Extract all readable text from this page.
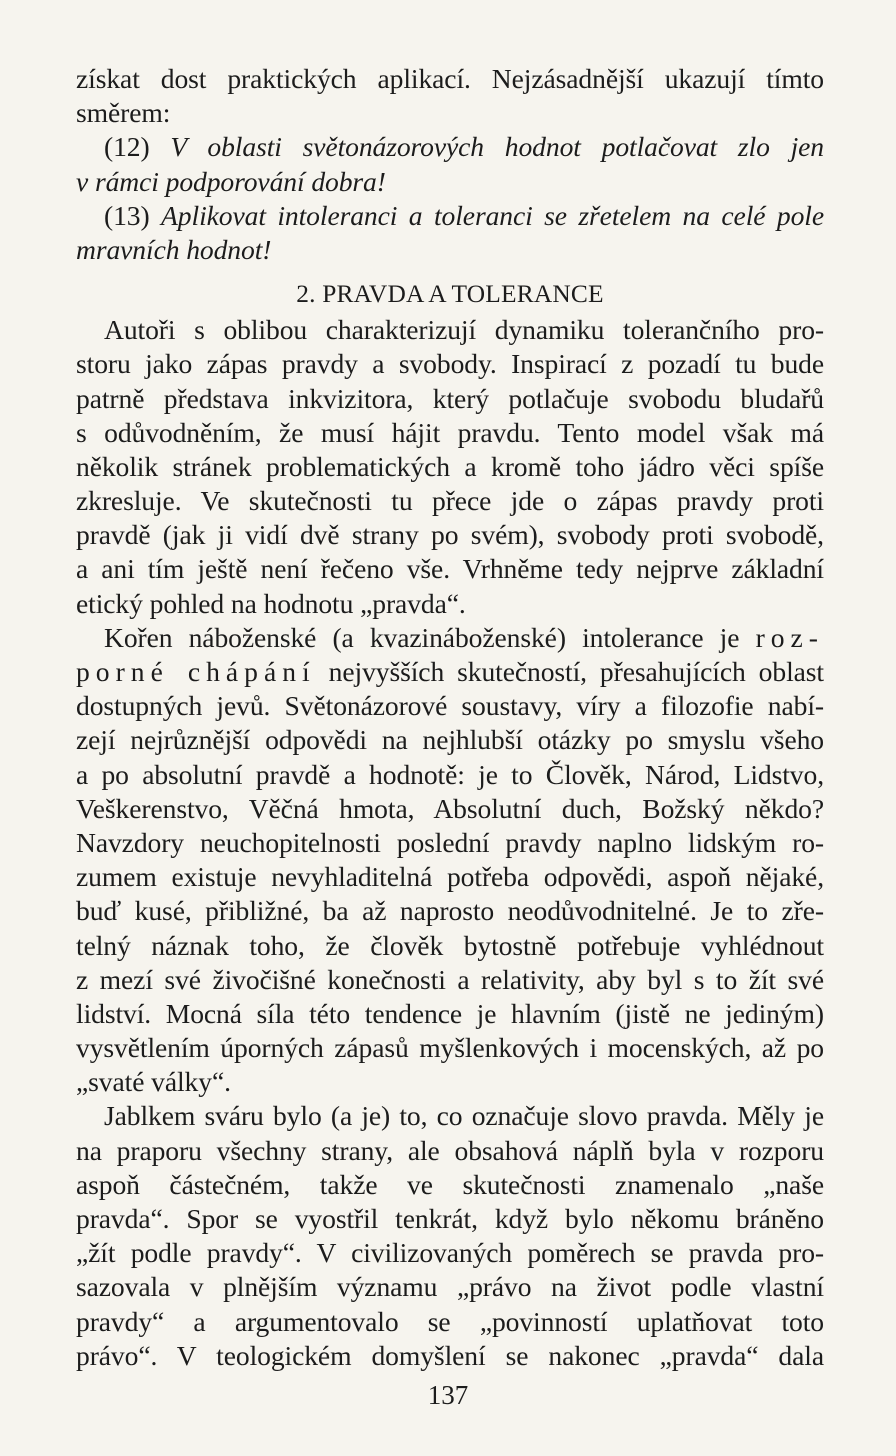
získat dost praktických aplikací. Nejzásadnější ukazují tímto
směrem:
(12) V oblasti světonázorových hodnot potlačovat zlo jen
v rámci podporování dobra!
(13) Aplikovat intoleranci a toleranci se zřetelem na celé pole
mravních hodnot!
2. PRAVDA A TOLERANCE
Autoři s oblibou charakterizují dynamiku tolerančního pro-
storu jako zápas pravdy a svobody. Inspirací z pozadí tu bude
patrně představa inkvizitora, který potlačuje svobodu bludařů
s odůvodněním, že musí hájit pravdu. Tento model však má
několik stránek problematických a kromě toho jádro věci spíše
zkresluje. Ve skutečnosti tu přece jde o zápas pravdy proti
pravdě (jak ji vidí dvě strany po svém), svobody proti svobodě,
a ani tím ještě není řečeno vše. Vrhněme tedy nejprve základní
etický pohled na hodnotu „pravda“.
Kořen náboženské (a kvazináboženské) intolerance je roz-
porné chápání nejvyšších skutečností, přesahujících oblast
dostupných jevů. Světonázorové soustavy, víry a filozofie nabí-
zejí nejrůznější odpovědi na nejhlubší otázky po smyslu všeho
a po absolutní pravdě a hodnotě: je to Člověk, Národ, Lidstvo,
Veškerenstvo, Věčná hmota, Absolutní duch, Božský někdo?
Navzdory neuchopitelnosti poslední pravdy naplno lidským ro-
zumem existuje nevyhladitelná potřeba odpovědi, aspoň nějaké,
buď kusé, přibližné, ba až naprosto neodůvodnitelné. Je to zře-
telný náznak toho, že člověk bytostně potřebuje vyhlédnout
z mezí své živočišné konečnosti a relativity, aby byl s to žít své
lidství. Mocná síla této tendence je hlavním (jistě ne jediným)
vysvětlením úporných zápasů myšlenkových i mocenských, až po
„svaté války“.
Jablkem sváru bylo (a je) to, co označuje slovo pravda. Měly je
na praporu všechny strany, ale obsahová náplň byla v rozporu
aspoň částečném, takže ve skutečnosti znamenalo „naše
pravda“. Spor se vyostřil tenkrát, když bylo někomu bráněno
„žít podle pravdy“. V civilizovaných poměrech se pravda pro-
sazovala v plnějším významu „právo na život podle vlastní
pravdy“ a argumentovalo se „povinností uplatňovat toto
právo“. V teologickém domyšlení se nakonec „pravda“ dala
137
